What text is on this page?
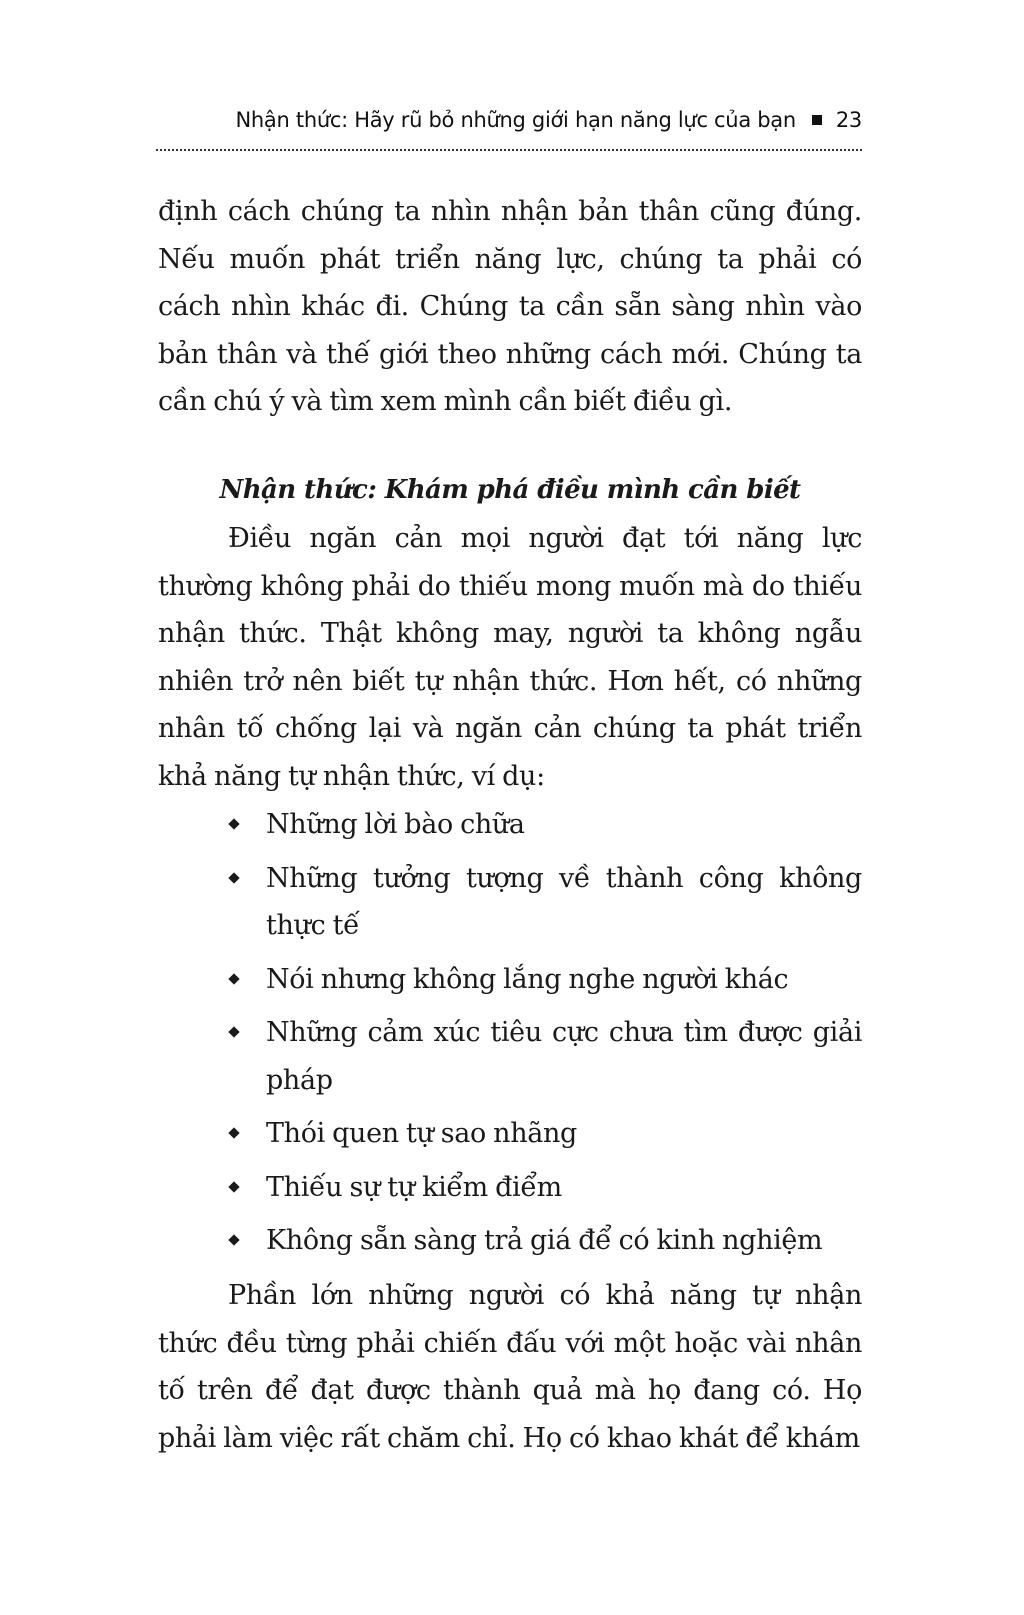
Nhận thức: Hãy rũ bỏ những giới hạn năng lực của bạn 23

định cách chúng ta nhìn nhận bản thân cũng đúng. Nếu muốn phát triển năng lực, chúng ta phải có cách nhìn khác đi. Chúng ta cần sẵn sàng nhìn vào bản thân và thế giới theo những cách mới. Chúng ta cần chú ý và tìm xem mình cần biết điều gì.

Nhận thức: Khám phá điều mình cần biết

Điều ngăn cản mọi người đạt tới năng lực thường không phải do thiếu mong muốn mà do thiếu nhận thức. Thật không may, người ta không ngẫu nhiên trở nên biết tự nhận thức. Hơn hết, có những nhân tố chống lại và ngăn cản chúng ta phát triển khả năng tự nhận thức, ví dụ:

Những lời bào chữa
Những tưởng tượng về thành công không thực tế
Nói nhưng không lắng nghe người khác
Những cảm xúc tiêu cực chưa tìm được giải pháp
Thói quen tự sao nhãng
Thiếu sự tự kiểm điểm
Không sẵn sàng trả giá để có kinh nghiệm

Phần lớn những người có khả năng tự nhận thức đều từng phải chiến đấu với một hoặc vài nhân tố trên để đạt được thành quả mà họ đang có. Họ phải làm việc rất chăm chỉ. Họ có khao khát để khám
